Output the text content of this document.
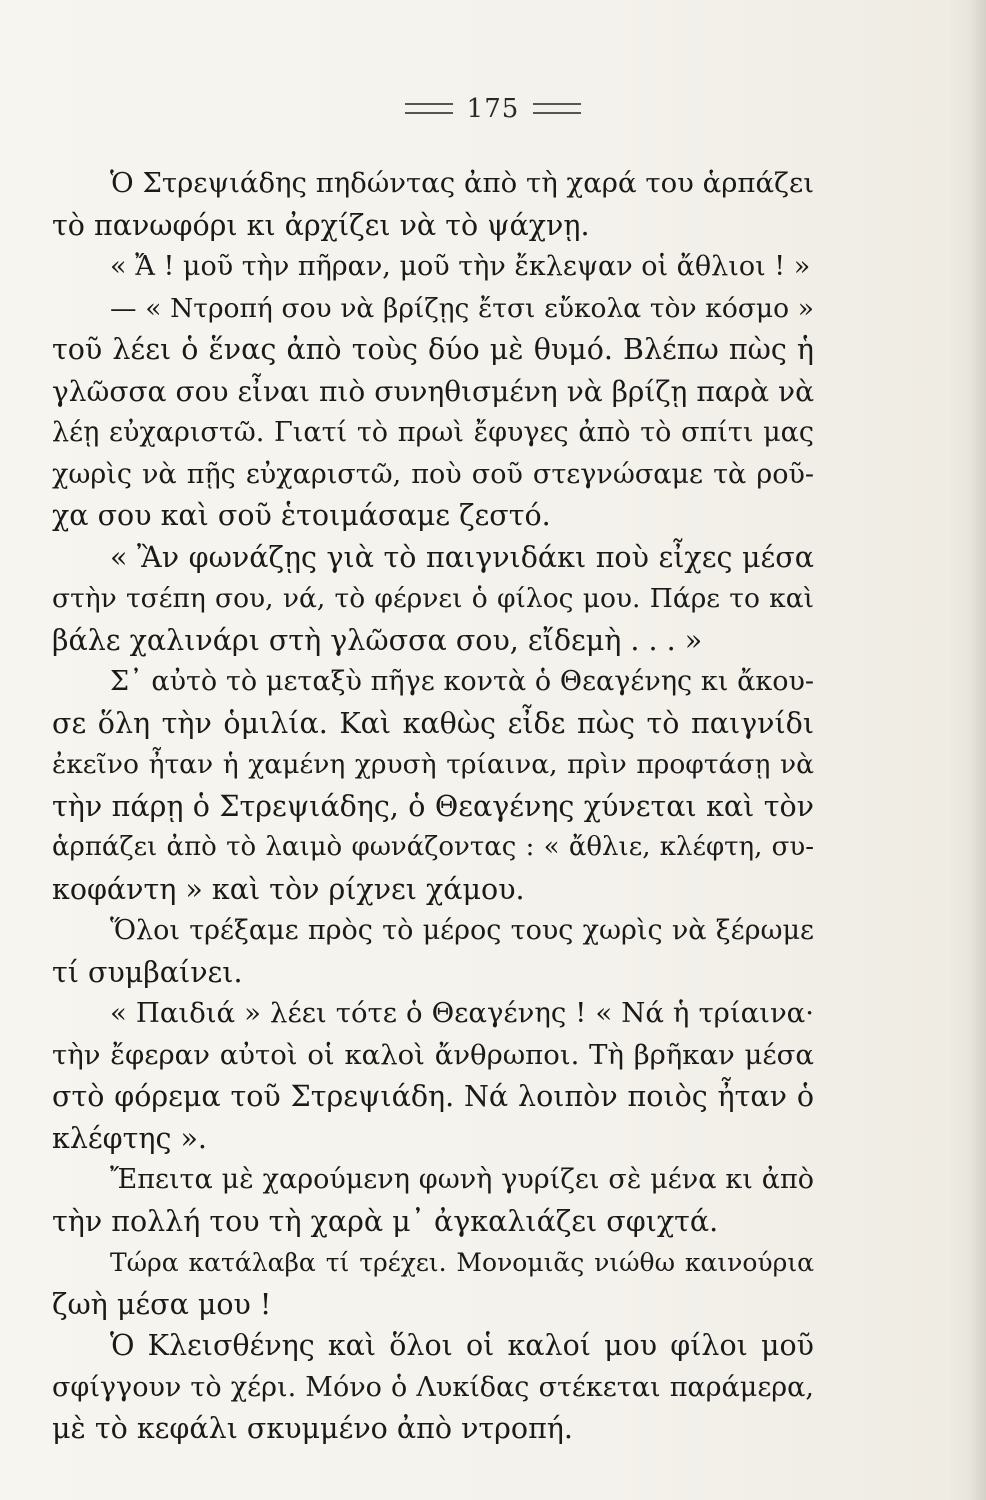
175
Ὁ Στρεψιάδης πηδώντας ἀπὸ τὴ χαρά του ἁρπάζει
τὸ πανωφόρι κι ἀρχίζει νὰ τὸ ψάχνῃ.
« Ἄ ! μοῦ τὴν πῆραν, μοῦ τὴν ἔκλεψαν οἱ ἄθλιοι ! »
— « Ντροπή σου νὰ βρίζῃς ἔτσι εὔκολα τὸν κόσμο »
τοῦ λέει ὁ ἕνας ἀπὸ τοὺς δύο μὲ θυμό. Βλέπω πὼς ἡ
γλῶσσα σου εἶναι πιὸ συνηθισμένη νὰ βρίζῃ παρὰ νὰ
λέῃ εὐχαριστῶ. Γιατί τὸ πρωὶ ἔφυγες ἀπὸ τὸ σπίτι μας
χωρὶς νὰ πῇς εὐχαριστῶ, ποὺ σοῦ στεγνώσαμε τὰ ροῦ-
χα σου καὶ σοῦ ἑτοιμάσαμε ζεστό.
« Ἂν φωνάζῃς γιὰ τὸ παιγνιδάκι ποὺ εἶχες μέσα
στὴν τσέπη σου, νά, τὸ φέρνει ὁ φίλος μου. Πάρε το καὶ
βάλε χαλινάρι στὴ γλῶσσα σου, εἴδεμὴ . . . »
Σ᾽ αὐτὸ τὸ μεταξὺ πῆγε κοντὰ ὁ Θεαγένης κι ἄκου-
σε ὅλη τὴν ὁμιλία. Καὶ καθὼς εἶδε πὼς τὸ παιγνίδι
ἐκεῖνο ἦταν ἡ χαμένη χρυσὴ τρίαινα, πρὶν προφτάσῃ νὰ
τὴν πάρῃ ὁ Στρεψιάδης, ὁ Θεαγένης χύνεται καὶ τὸν
ἁρπάζει ἀπὸ τὸ λαιμὸ φωνάζοντας : « ἄθλιε, κλέφτη, συ-
κοφάντη » καὶ τὸν ρίχνει χάμου.
Ὅλοι τρέξαμε πρὸς τὸ μέρος τους χωρὶς νὰ ξέρωμε
τί συμβαίνει.
« Παιδιά » λέει τότε ὁ Θεαγένης ! « Νά ἡ τρίαινα·
τὴν ἔφεραν αὐτοὶ οἱ καλοὶ ἄνθρωποι. Τὴ βρῆκαν μέσα
στὸ φόρεμα τοῦ Στρεψιάδη. Νά λοιπὸν ποιὸς ἦταν ὁ
κλέφτης ».
Ἔπειτα μὲ χαρούμενη φωνὴ γυρίζει σὲ μένα κι ἀπὸ
τὴν πολλή του τὴ χαρὰ μ᾽ ἀγκαλιάζει σφιχτά.
Τώρα κατάλαβα τί τρέχει. Μονομιᾶς νιώθω καινούρια
ζωὴ μέσα μου !
Ὁ Κλεισθένης καὶ ὅλοι οἱ καλοί μου φίλοι μοῦ
σφίγγουν τὸ χέρι. Μόνο ὁ Λυκίδας στέκεται παράμερα,
μὲ τὸ κεφάλι σκυμμένο ἀπὸ ντροπή.
